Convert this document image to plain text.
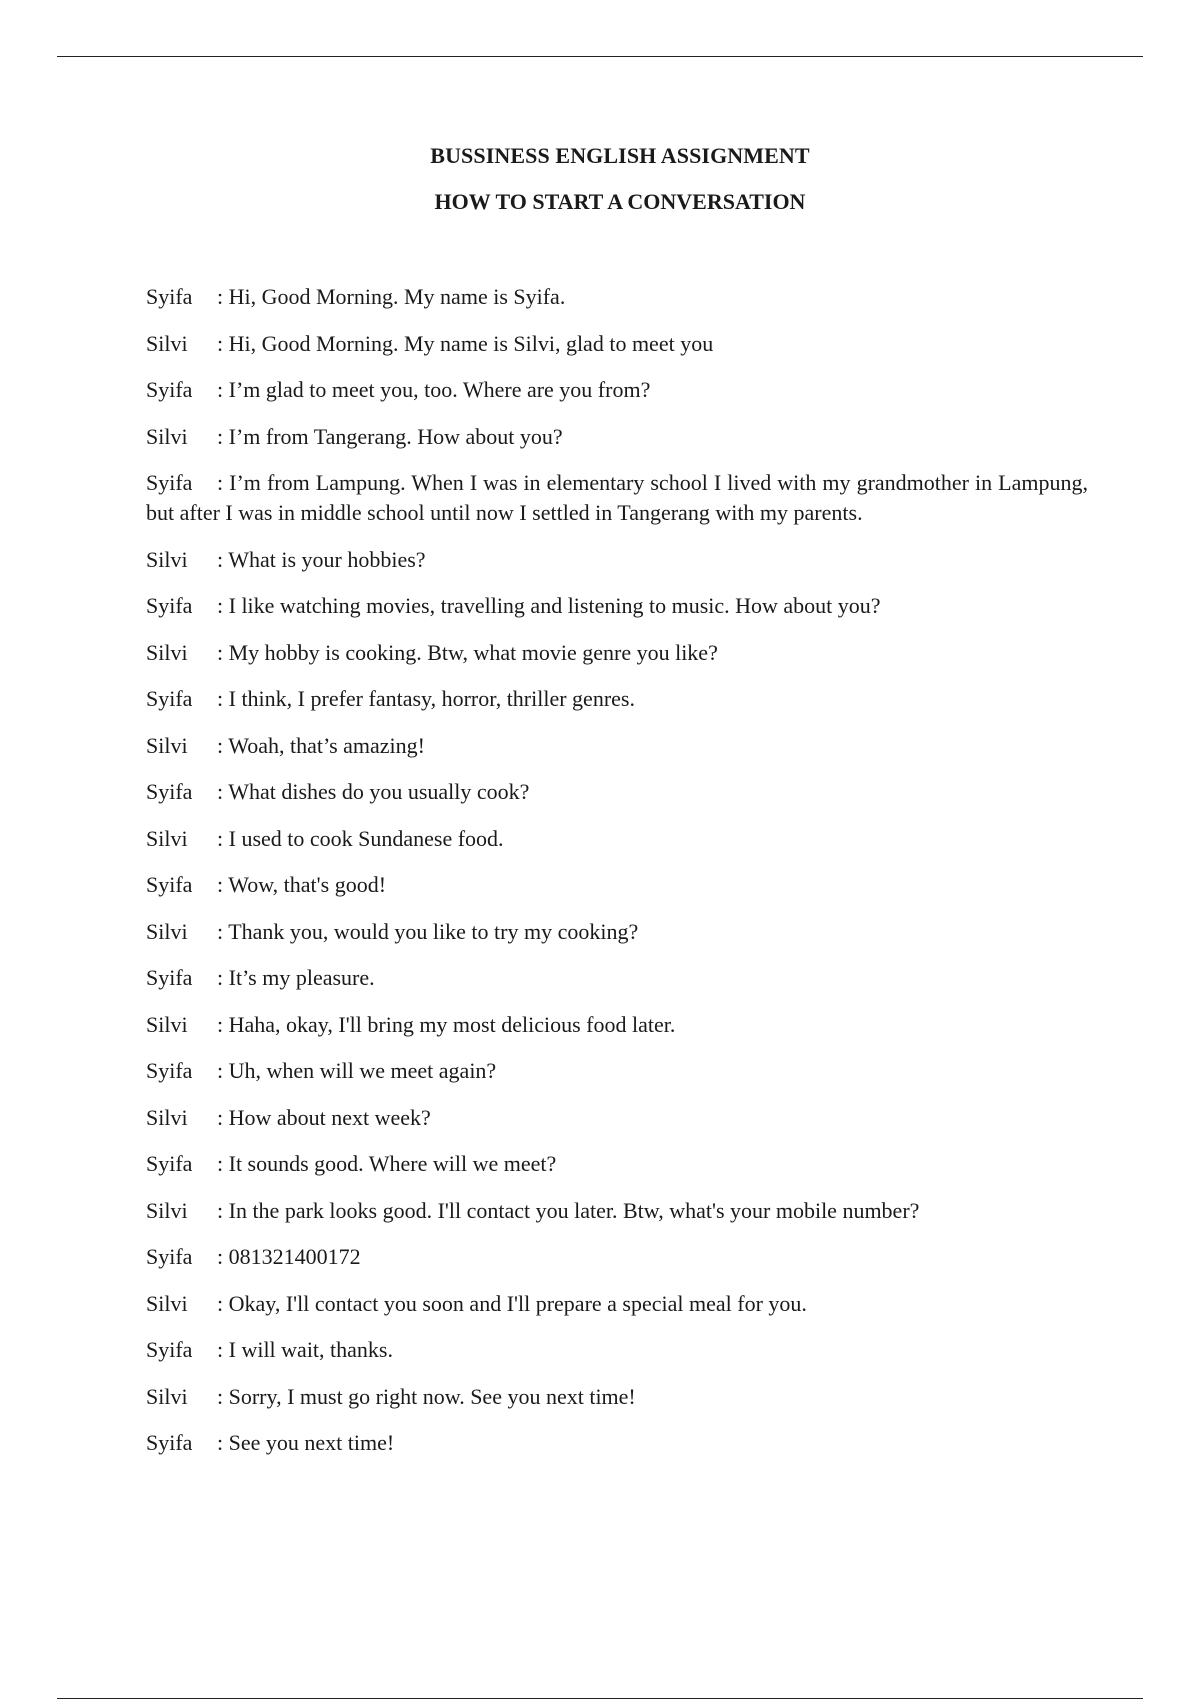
BUSSINESS ENGLISH ASSIGNMENT
HOW TO START A CONVERSATION
Syifa : Hi, Good Morning. My name is Syifa.
Silvi : Hi, Good Morning. My name is Silvi, glad to meet you
Syifa : I’m glad to meet you, too. Where are you from?
Silvi : I’m from Tangerang. How about you?
Syifa : I’m from Lampung. When I was in elementary school I lived with my grandmother in Lampung, but after I was in middle school until now I settled in Tangerang with my parents.
Silvi : What is your hobbies?
Syifa : I like watching movies, travelling and listening to music. How about you?
Silvi : My hobby is cooking. Btw, what movie genre you like?
Syifa : I think, I prefer fantasy, horror, thriller genres.
Silvi : Woah, that’s amazing!
Syifa : What dishes do you usually cook?
Silvi : I used to cook Sundanese food.
Syifa : Wow, that's good!
Silvi : Thank you, would you like to try my cooking?
Syifa : It’s my pleasure.
Silvi : Haha, okay, I'll bring my most delicious food later.
Syifa : Uh, when will we meet again?
Silvi : How about next week?
Syifa : It sounds good. Where will we meet?
Silvi : In the park looks good. I'll contact you later. Btw, what's your mobile number?
Syifa : 081321400172
Silvi : Okay, I'll contact you soon and I'll prepare a special meal for you.
Syifa : I will wait, thanks.
Silvi : Sorry, I must go right now. See you next time!
Syifa : See you next time!
